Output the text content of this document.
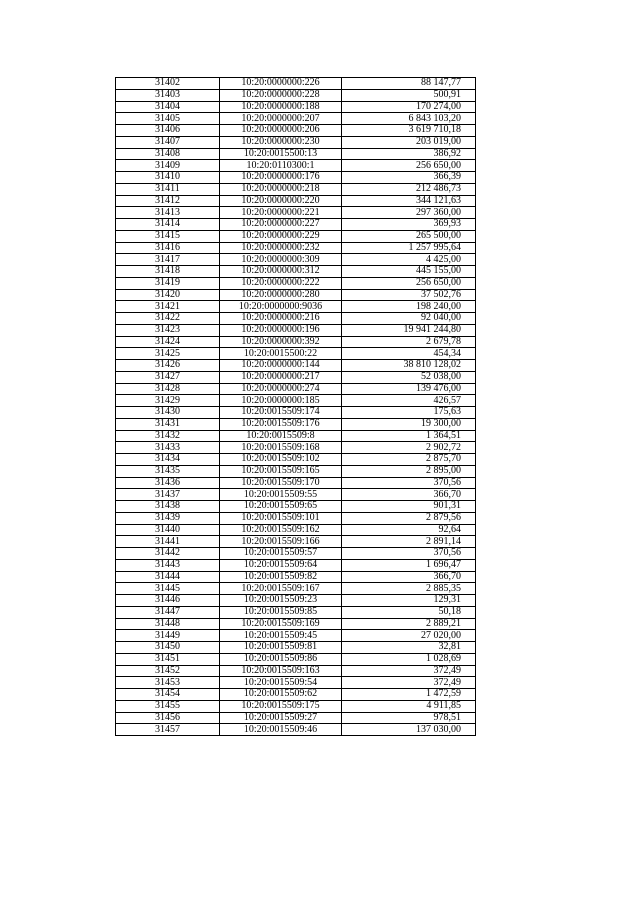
31402	10:20:0000000:226	88 147,77
31403	10:20:0000000:228	500,91
31404	10:20:0000000:188	170 274,00
31405	10:20:0000000:207	6 843 103,20
31406	10:20:0000000:206	3 619 710,18
31407	10:20:0000000:230	203 019,00
31408	10:20:0015500:13	386,92
31409	10:20:0110300:1	256 650,00
31410	10:20:0000000:176	366,39
31411	10:20:0000000:218	212 486,73
31412	10:20:0000000:220	344 121,63
31413	10:20:0000000:221	297 360,00
31414	10:20:0000000:227	369,93
31415	10:20:0000000:229	265 500,00
31416	10:20:0000000:232	1 257 995,64
31417	10:20:0000000:309	4 425,00
31418	10:20:0000000:312	445 155,00
31419	10:20:0000000:222	256 650,00
31420	10:20:0000000:280	37 502,76
31421	10:20:0000000:9036	198 240,00
31422	10:20:0000000:216	92 040,00
31423	10:20:0000000:196	19 941 244,80
31424	10:20:0000000:392	2 679,78
31425	10:20:0015500:22	454,34
31426	10:20:0000000:144	38 810 128,02
31427	10:20:0000000:217	52 038,00
31428	10:20:0000000:274	139 476,00
31429	10:20:0000000:185	426,57
31430	10:20:0015509:174	175,63
31431	10:20:0015509:176	19 300,00
31432	10:20:0015509:8	1 364,51
31433	10:20:0015509:168	2 902,72
31434	10:20:0015509:102	2 875,70
31435	10:20:0015509:165	2 895,00
31436	10:20:0015509:170	370,56
31437	10:20:0015509:55	366,70
31438	10:20:0015509:65	901,31
31439	10:20:0015509:101	2 879,56
31440	10:20:0015509:162	92,64
31441	10:20:0015509:166	2 891,14
31442	10:20:0015509:57	370,56
31443	10:20:0015509:64	1 696,47
31444	10:20:0015509:82	366,70
31445	10:20:0015509:167	2 885,35
31446	10:20:0015509:23	129,31
31447	10:20:0015509:85	50,18
31448	10:20:0015509:169	2 889,21
31449	10:20:0015509:45	27 020,00
31450	10:20:0015509:81	32,81
31451	10:20:0015509:86	1 028,69
31452	10:20:0015509:163	372,49
31453	10:20:0015509:54	372,49
31454	10:20:0015509:62	1 472,59
31455	10:20:0015509:175	4 911,85
31456	10:20:0015509:27	978,51
31457	10:20:0015509:46	137 030,00
